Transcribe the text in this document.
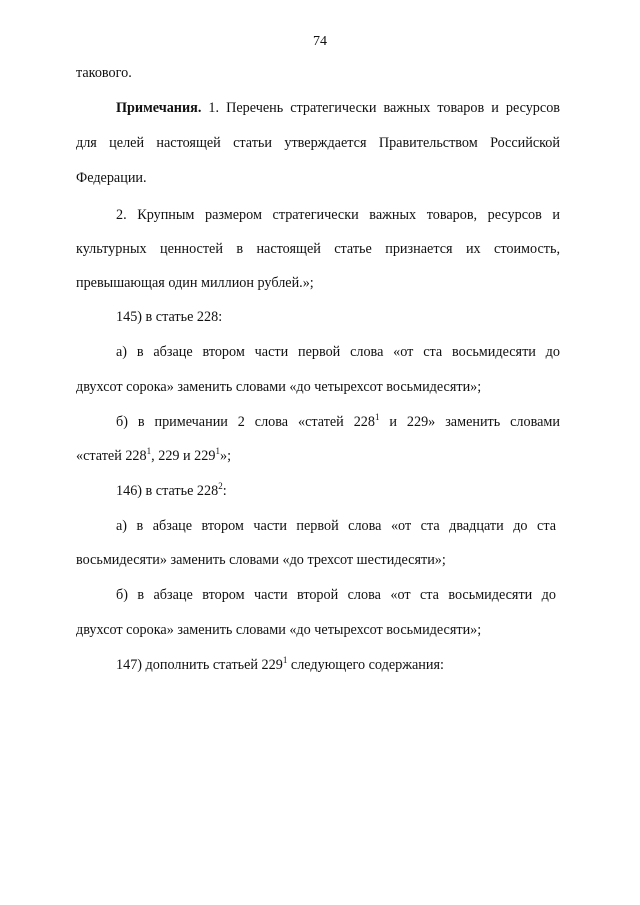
74
такового.
Примечания. 1. Перечень стратегически важных товаров и ресурсов
для целей настоящей статьи утверждается Правительством Российской
Федерации.
2. Крупным размером стратегически важных товаров, ресурсов и
культурных ценностей в настоящей статье признается их стоимость,
превышающая один миллион рублей.»;
145) в статье 228:
а) в абзаце втором части первой слова «от ста восьмидесяти до
двухсот сорока» заменить словами «до четырехсот восьмидесяти»;
б) в примечании 2 слова «статей $228^1$ и 229» заменить словами
«статей $228^1$, 229 и $229^1$»;
146) в статье $228^2$:
а) в абзаце втором части первой слова «от ста двадцати до ста
восьмидесяти» заменить словами «до трехсот шестидесяти»;
б) в абзаце втором части второй слова «от ста восьмидесяти до
двухсот сорока» заменить словами «до четырехсот восьмидесяти»;
147) дополнить статьей $229^1$ следующего содержания:
